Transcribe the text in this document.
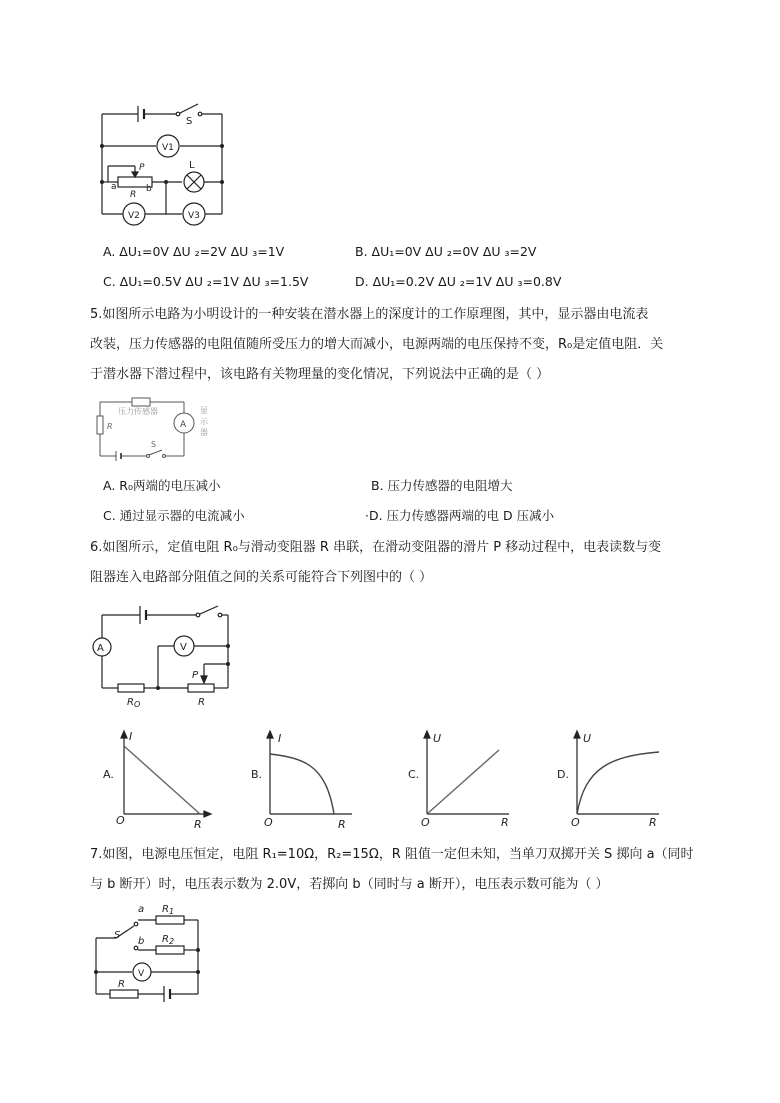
S
L
V1
V2	V3
P
a	b
R
A. ΔU₁=0V ΔU ₂=2V ΔU ₃=1V	B. ΔU₁=0V ΔU ₂=0V ΔU ₃=2V
C. ΔU₁=0.5V ΔU ₂=1V ΔU ₃=1.5V	D. ΔU₁=0.2V ΔU ₂=1V ΔU ₃=0.8V
5.如图所示电路为小明设计的一种安装在潜水器上的深度计的工作原理图，其中，显示器由电流表
改装，压力传感器的电阻值随所受压力的增大而减小，电源两端的电压保持不变，R₀是定值电阻．关
于潜水器下潜过程中，该电路有关物理量的变化情况，下列说法中正确的是（ ）
压力传感器	显
示
器
R	A
S
A. R₀两端的电压减小	B. 压力传感器的电阻增大
C. 通过显示器的电流减小	·D. 压力传感器两端的电 D 压减小
6.如图所示，定值电阻 R₀与滑动变阻器 R 串联，在滑动变阻器的滑片 P 移动过程中，电表读数与变
阻器连入电路部分阻值之间的关系可能符合下列图中的（ ）
A	V
P
$R_O$	R
A.
I
R
O
B.
I
R
O
C.
U
R
O
D.
U
R
O
7.如图，电源电压恒定，电阻 R₁=10Ω，R₂=15Ω，R 阻值一定但未知，当单刀双掷开关 S 掷向 a（同时
与 b 断开）时，电压表示数为 2.0V，若掷向 b（同时与 a 断开），电压表示数可能为（ ）
S
a
b
$R_1$
$R_2$
V
R
